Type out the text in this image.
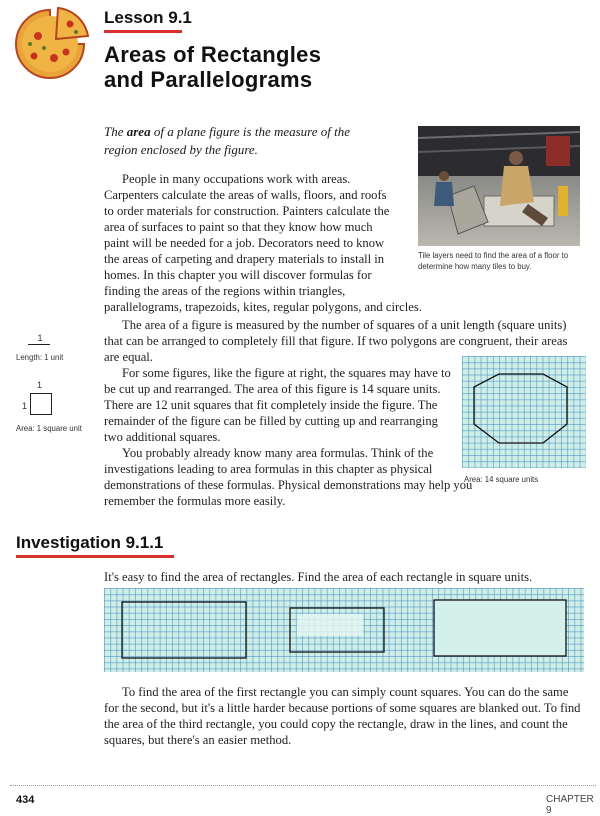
Lesson 9.1
Areas of Rectangles
and Parallelograms
The area of a plane figure is the measure of the region enclosed by the figure.
Tile layers need to find the area of a floor to determine how many tiles to buy.

People in many occupations work with areas. Carpenters calculate the areas of walls, floors, and roofs to order materials for construction. Painters calculate the area of surfaces to paint so that they know how much paint will be needed for a job. Decorators need to know the areas of carpeting and drapery materials to install in homes. In this chapter you will discover formulas for finding the areas of the regions within triangles, parallelograms, trapezoids, kites, regular polygons, and circles.

The area of a figure is measured by the number of squares of a unit length (square units) that can be arranged to completely fill that figure. If two polygons are congruent, their areas are equal.

1
Length: 1 unit
1
1
Area: 1 square unit

For some figures, like the figure at right, the squares may have to be cut up and rearranged. The area of this figure is 14 square units. There are 12 unit squares that fit completely inside the figure. The remainder of the figure can be filled by cutting up and rearranging two additional squares.

You probably already know many area formulas. Think of the investigations leading to area formulas in this chapter as physical demonstrations of these formulas. Physical demonstrations may help you remember the formulas more easily.

Area: 14 square units
Investigation 9.1.1
It's easy to find the area of rectangles. Find the area of each rectangle in square units.

To find the area of the first rectangle you can simply count squares. You can do the same for the second, but it's a little harder because portions of some squares are blanked out. To find the area of the third rectangle, you could copy the rectangle, draw in the lines, and count the squares, but there's an easier method.

434	CHAPTER 9
